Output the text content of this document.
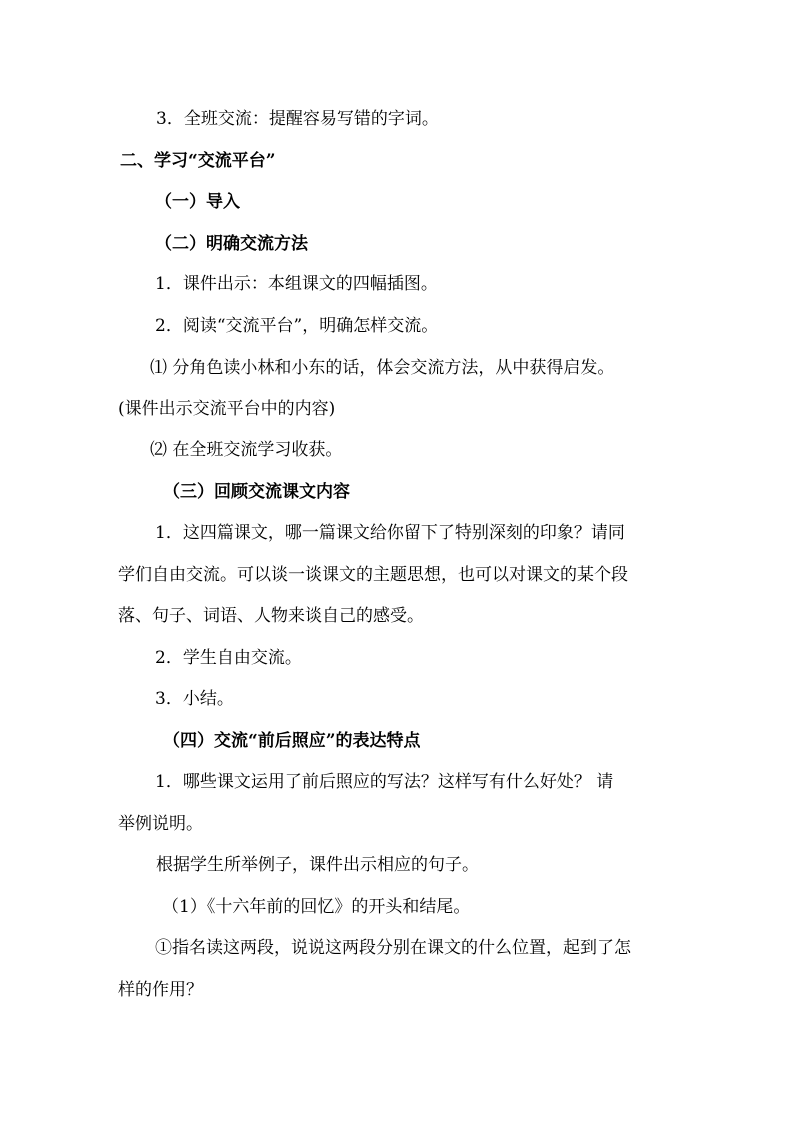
3．全班交流：提醒容易写错的字词。
二、学习“交流平台”
（一）导入
（二）明确交流方法
1．课件出示：本组课文的四幅插图。
2．阅读“交流平台”，明确怎样交流。
⑴ 分角色读小林和小东的话，体会交流方法，从中获得启发。
(课件出示交流平台中的内容)
⑵ 在全班交流学习收获。
（三）回顾交流课文内容
1．这四篇课文，哪一篇课文给你留下了特别深刻的印象？请同
学们自由交流。可以谈一谈课文的主题思想，也可以对课文的某个段
落、句子、词语、人物来谈自己的感受。
2．学生自由交流。
3．小结。
（四）交流“前后照应”的表达特点
1．哪些课文运用了前后照应的写法？这样写有什么好处？ 请
举例说明。
根据学生所举例子，课件出示相应的句子。
（1）《十六年前的回忆》的开头和结尾。
①指名读这两段，说说这两段分别在课文的什么位置，起到了怎
样的作用？
